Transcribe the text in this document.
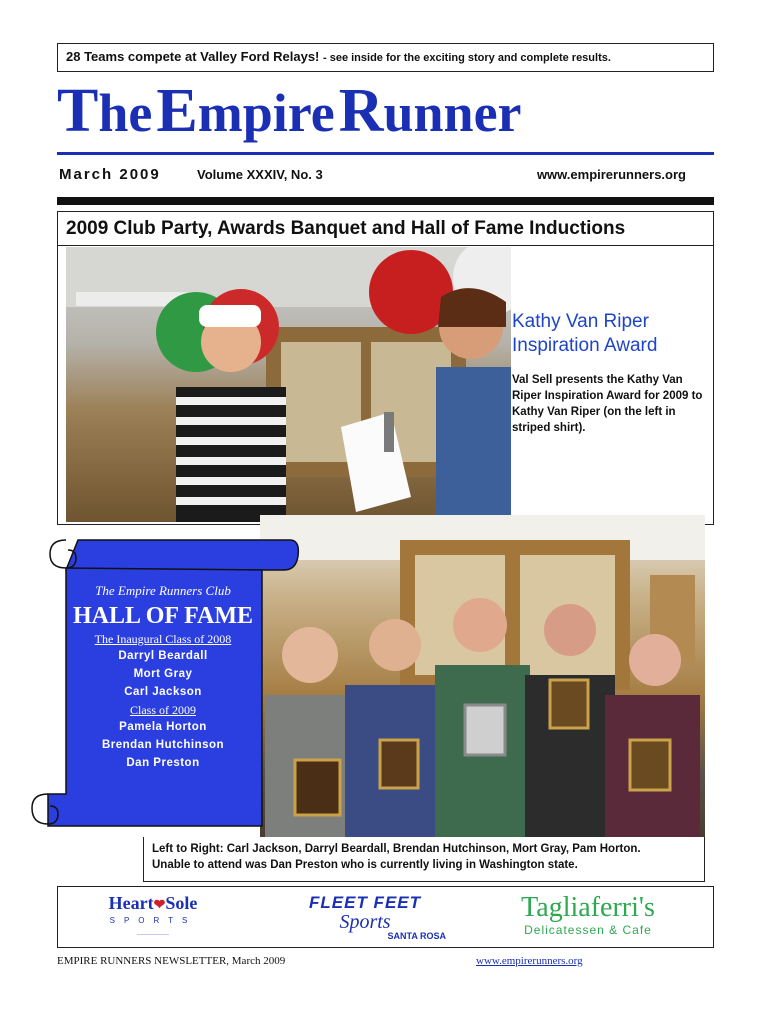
28 Teams compete at Valley Ford Relays! - see inside for the exciting story and complete results.
The Empire Runner
March 2009	Volume XXXIV, No. 3	www.empirerunners.org
2009 Club Party, Awards Banquet and Hall of Fame Inductions
Kathy Van Riper Inspiration Award
Val Sell presents the Kathy Van Riper Inspiration Award for 2009 to Kathy Van Riper (on the left in striped shirt).
The Empire Runners Club
HALL OF FAME
The Inaugural Class of 2008
Darryl Beardall
Mort Gray
Carl Jackson
Class of 2009
Pamela Horton
Brendan Hutchinson
Dan Preston
Left to Right: Carl Jackson, Darryl Beardall, Brendan Hutchinson, Mort Gray, Pam Horton.
Unable to attend was Dan Preston who is currently living in Washington state.
Heart❤Sole
SPORTS
————————
FLEET FEET
Sports
SANTA ROSA
Tagliaferri's
Delicatessen & Cafe
EMPIRE RUNNERS NEWSLETTER, March 2009	www.empirerunners.org
